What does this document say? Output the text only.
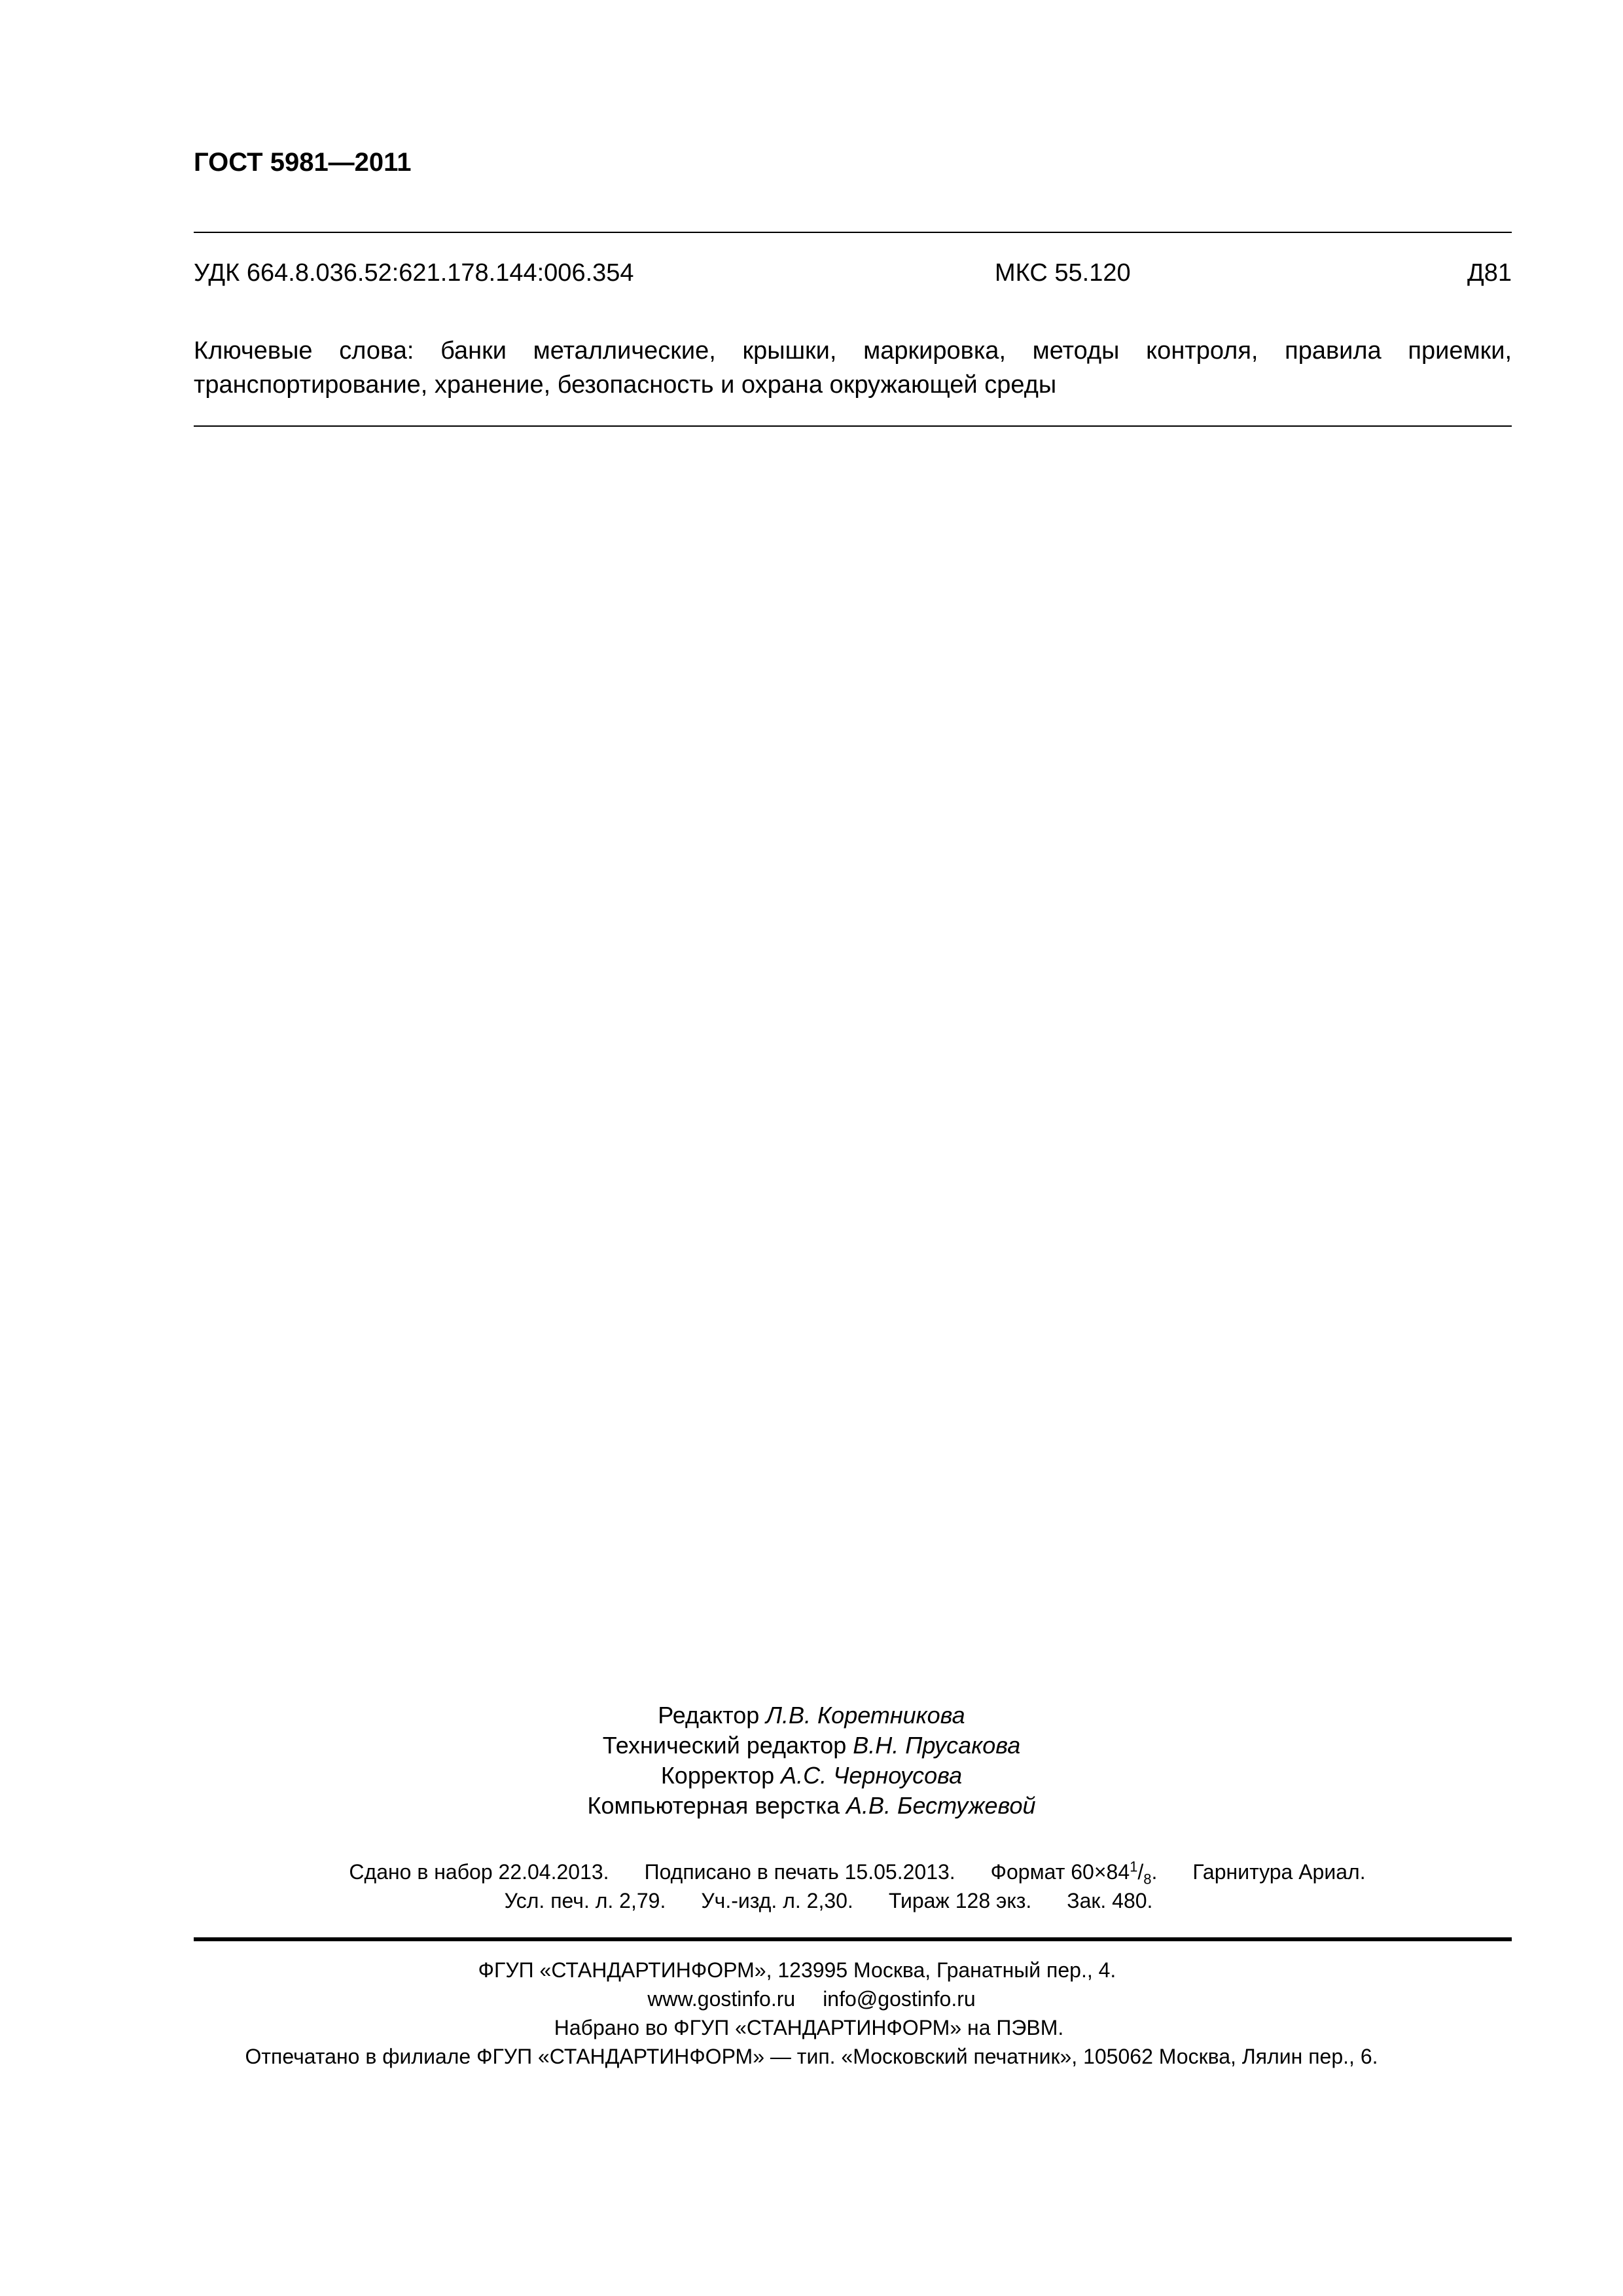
ГОСТ 5981—2011
УДК 664.8.036.52:621.178.144:006.354	МКС 55.120	Д81
Ключевые слова: банки металлические, крышки, маркировка, методы контроля, правила приемки,
транспортирование, хранение, безопасность и охрана окружающей среды
Редактор Л.В. Коретникова
Технический редактор В.Н. Прусакова
Корректор А.С. Черноусова
Компьютерная верстка А.В. Бестужевой
Сдано в набор 22.04.2013. Подписано в печать 15.05.2013. Формат $60\times 84^1/_8$. Гарнитура Ариал.
Усл. печ. л. 2,79. Уч.-изд. л. 2,30. Тираж 128 экз. Зак. 480.
ФГУП «СТАНДАРТИНФОРМ», 123995 Москва, Гранатный пер., 4.
www.gostinfo.ru info@gostinfo.ru
Набрано во ФГУП «СТАНДАРТИНФОРМ» на ПЭВМ.
Отпечатано в филиале ФГУП «СТАНДАРТИНФОРМ» — тип. «Московский печатник», 105062 Москва, Лялин пер., 6.
